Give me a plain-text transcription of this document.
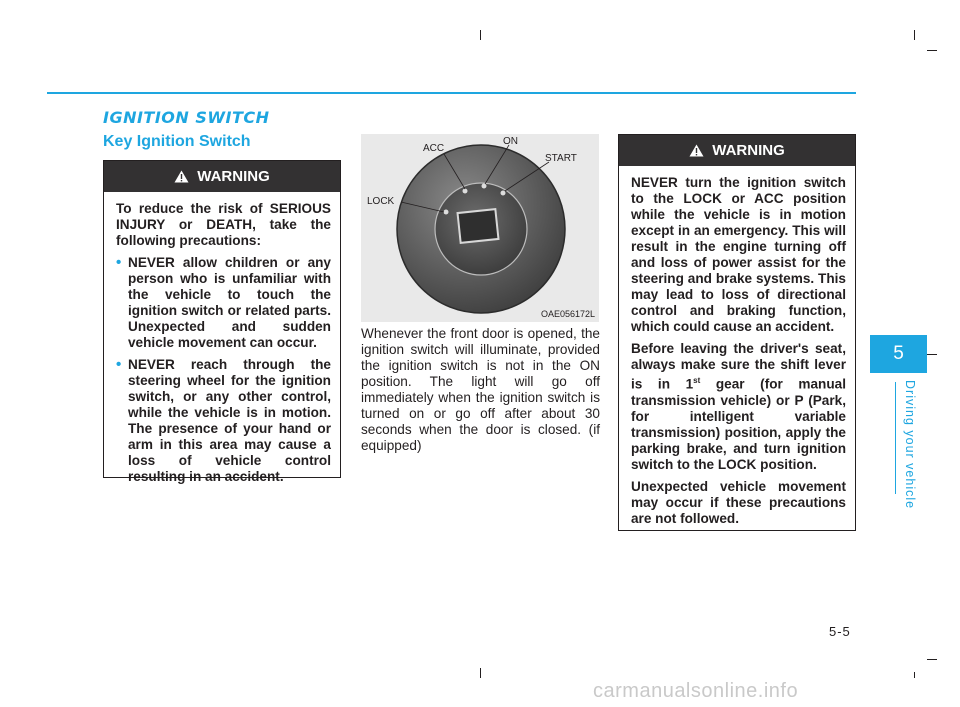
IGNITION SWITCH
Key Ignition Switch
WARNING

To reduce the risk of SERIOUS INJURY or DEATH, take the following precautions:

• NEVER allow children or any person who is unfamiliar with the vehicle to touch the ignition switch or related parts. Unexpected and sudden vehicle movement can occur.
• NEVER reach through the steering wheel for the ignition switch, or any other control, while the vehicle is in motion. The presence of your hand or arm in this area may cause a loss of vehicle control resulting in an accident.
LOCK
ACC
ON
START
OAE056172L
Whenever the front door is opened, the ignition switch will illuminate, provided the ignition switch is not in the ON position. The light will go off immediately when the ignition switch is turned on or go off after about 30 seconds when the door is closed. (if equipped)
WARNING

NEVER turn the ignition switch to the LOCK or ACC position while the vehicle is in motion except in an emergency. This will result in the engine turning off and loss of power assist for the steering and brake systems. This may lead to loss of directional control and braking function, which could cause an accident.

Before leaving the driver's seat, always make sure the shift lever is in 1st gear (for manual transmission vehicle) or P (Park, for intelligent variable transmission) position, apply the parking brake, and turn ignition switch to the LOCK position.

Unexpected vehicle movement may occur if these precautions are not followed.

5
Driving your vehicle
5-5
carmanualsonline.info
